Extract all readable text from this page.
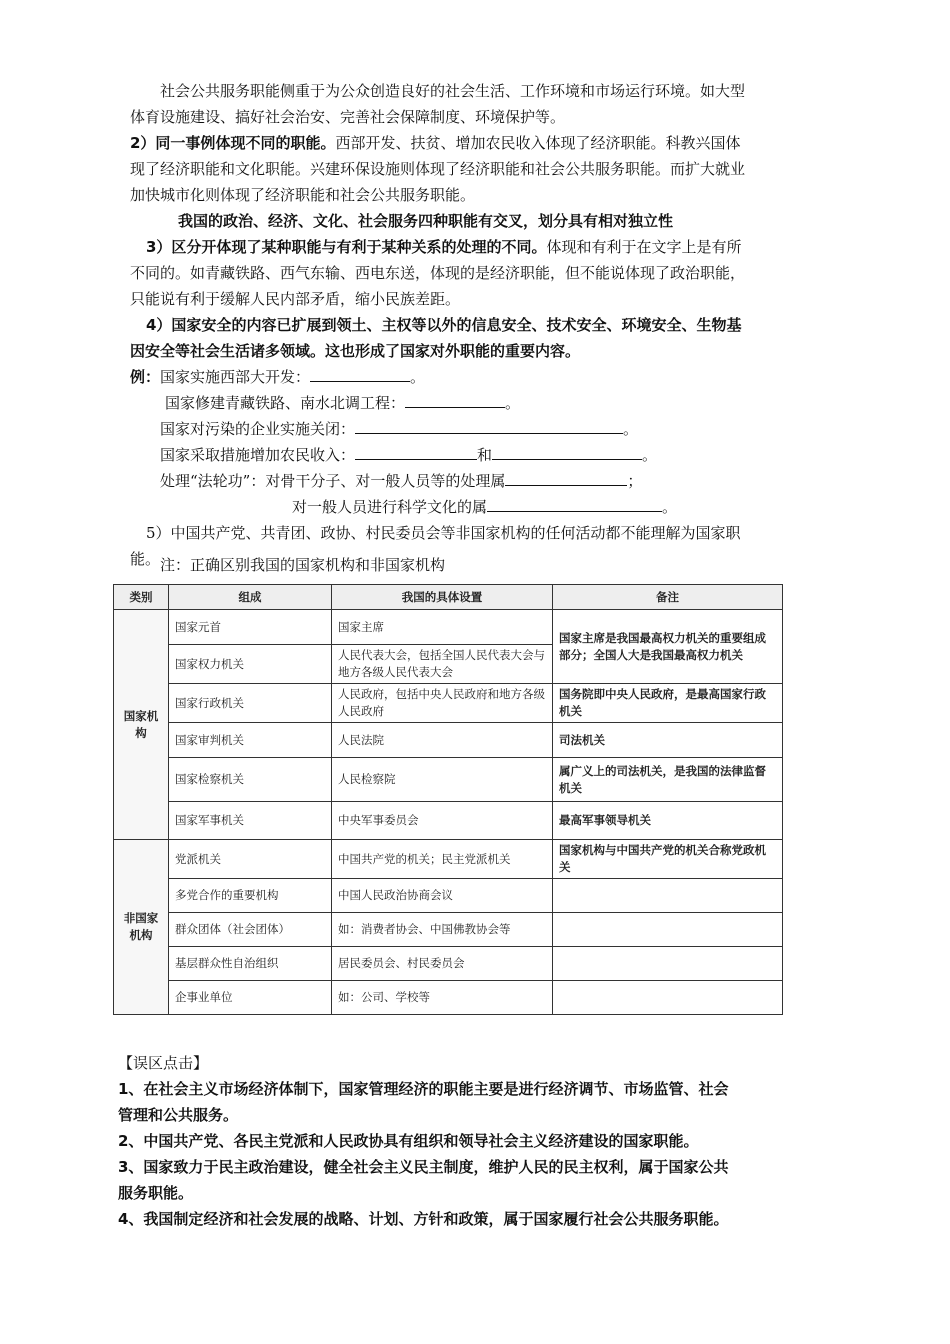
社会公共服务职能侧重于为公众创造良好的社会生活、工作环境和市场运行环境。如大型
体育设施建设、搞好社会治安、完善社会保障制度、环境保护等。
2）同一事例体现不同的职能。西部开发、扶贫、增加农民收入体现了经济职能。科教兴国体
现了经济职能和文化职能。兴建环保设施则体现了经济职能和社会公共服务职能。而扩大就业
加快城市化则体现了经济职能和社会公共服务职能。
我国的政治、经济、文化、社会服务四种职能有交叉，划分具有相对独立性
3）区分开体现了某种职能与有利于某种关系的处理的不同。体现和有利于在文字上是有所
不同的。如青藏铁路、西气东输、西电东送，体现的是经济职能，但不能说体现了政治职能，
只能说有利于缓解人民内部矛盾，缩小民族差距。
4）国家安全的内容已扩展到领土、主权等以外的信息安全、技术安全、环境安全、生物基
因安全等社会生活诸多领域。这也形成了国家对外职能的重要内容。
例：国家实施西部大开发：	。
国家修建青藏铁路、南水北调工程：	。
国家对污染的企业实施关闭：	。
国家采取措施增加农民收入：	和	。
处理“法轮功”：对骨干分子、对一般人员等的处理属	；
对一般人员进行科学文化的属	。
5）中国共产党、共青团、政协、村民委员会等非国家机构的任何活动都不能理解为国家职
能。 注：正确区别我国的国家机构和非国家机构
类别	组成	我国的具体设置	备注
国家机构	国家元首	国家主席	国家主席是我国最高权力机关的重要组成部分；全国人大是我国最高权力机关
	国家权力机关	人民代表大会，包括全国人民代表大会与地方各级人民代表大会	
	国家行政机关	人民政府，包括中央人民政府和地方各级人民政府	国务院即中央人民政府，是最高国家行政机关
	国家审判机关	人民法院	司法机关
	国家检察机关	人民检察院	属广义上的司法机关，是我国的法律监督机关
	国家军事机关	中央军事委员会	最高军事领导机关
非国家机构	党派机关	中国共产党的机关；民主党派机关	国家机构与中国共产党的机关合称党政机关
	多党合作的重要机构	中国人民政治协商会议	
	群众团体（社会团体）	如：消费者协会、中国佛教协会等	
	基层群众性自治组织	居民委员会、村民委员会	
	企事业单位	如：公司、学校等	
【误区点击】
1、在社会主义市场经济体制下，国家管理经济的职能主要是进行经济调节、市场监管、社会
管理和公共服务。
2、中国共产党、各民主党派和人民政协具有组织和领导社会主义经济建设的国家职能。
3、国家致力于民主政治建设，健全社会主义民主制度，维护人民的民主权利，属于国家公共
服务职能。
4、我国制定经济和社会发展的战略、计划、方针和政策，属于国家履行社会公共服务职能。
